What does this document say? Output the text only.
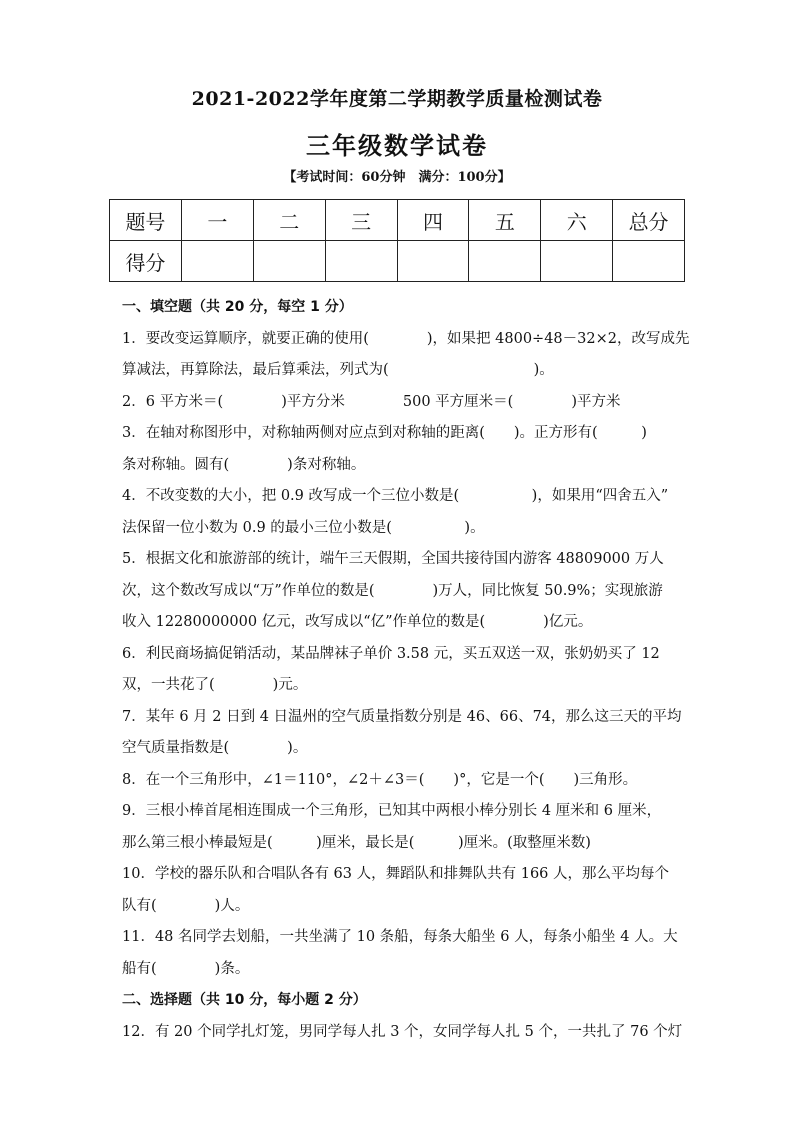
2021-2022学年度第二学期教学质量检测试卷
三年级数学试卷
【考试时间：60分钟　满分：100分】
题号	一	二	三	四	五	六	总分
得分							
一、填空题（共 20 分，每空 1 分）
1．要改变运算顺序，就要正确的使用(　　　　)，如果把 4800÷48－32×2，改写成先
算减法，再算除法，最后算乘法，列式为(　　　　　　　　　　)。
2．6 平方米＝(　　　　)平方分米　　　　500 平方厘米＝(　　　　)平方米
3．在轴对称图形中，对称轴两侧对应点到对称轴的距离(　　)。正方形有(　　　)
条对称轴。圆有(　　　　)条对称轴。
4．不改变数的大小，把 0.9 改写成一个三位小数是(　　　　　)，如果用“四舍五入”
法保留一位小数为 0.9 的最小三位小数是(　　　　　)。
5．根据文化和旅游部的统计，端午三天假期，全国共接待国内游客 48809000 万人
次，这个数改写成以“万”作单位的数是(　　　　)万人，同比恢复 50.9%；实现旅游
收入 12280000000 亿元，改写成以“亿”作单位的数是(　　　　)亿元。
6．利民商场搞促销活动，某品牌袜子单价 3.58 元，买五双送一双，张奶奶买了 12
双，一共花了(　　　　)元。
7．某年 6 月 2 日到 4 日温州的空气质量指数分别是 46、66、74，那么这三天的平均
空气质量指数是(　　　　)。
8．在一个三角形中，∠1＝110°，∠2＋∠3＝(　　)°，它是一个(　　)三角形。
9．三根小棒首尾相连围成一个三角形，已知其中两根小棒分别长 4 厘米和 6 厘米，
那么第三根小棒最短是(　　　)厘米，最长是(　　　)厘米。(取整厘米数)
10．学校的器乐队和合唱队各有 63 人，舞蹈队和排舞队共有 166 人，那么平均每个
队有(　　　　)人。
11．48 名同学去划船，一共坐满了 10 条船，每条大船坐 6 人，每条小船坐 4 人。大
船有(　　　　)条。
二、选择题（共 10 分，每小题 2 分）
12．有 20 个同学扎灯笼，男同学每人扎 3 个，女同学每人扎 5 个，一共扎了 76 个灯
